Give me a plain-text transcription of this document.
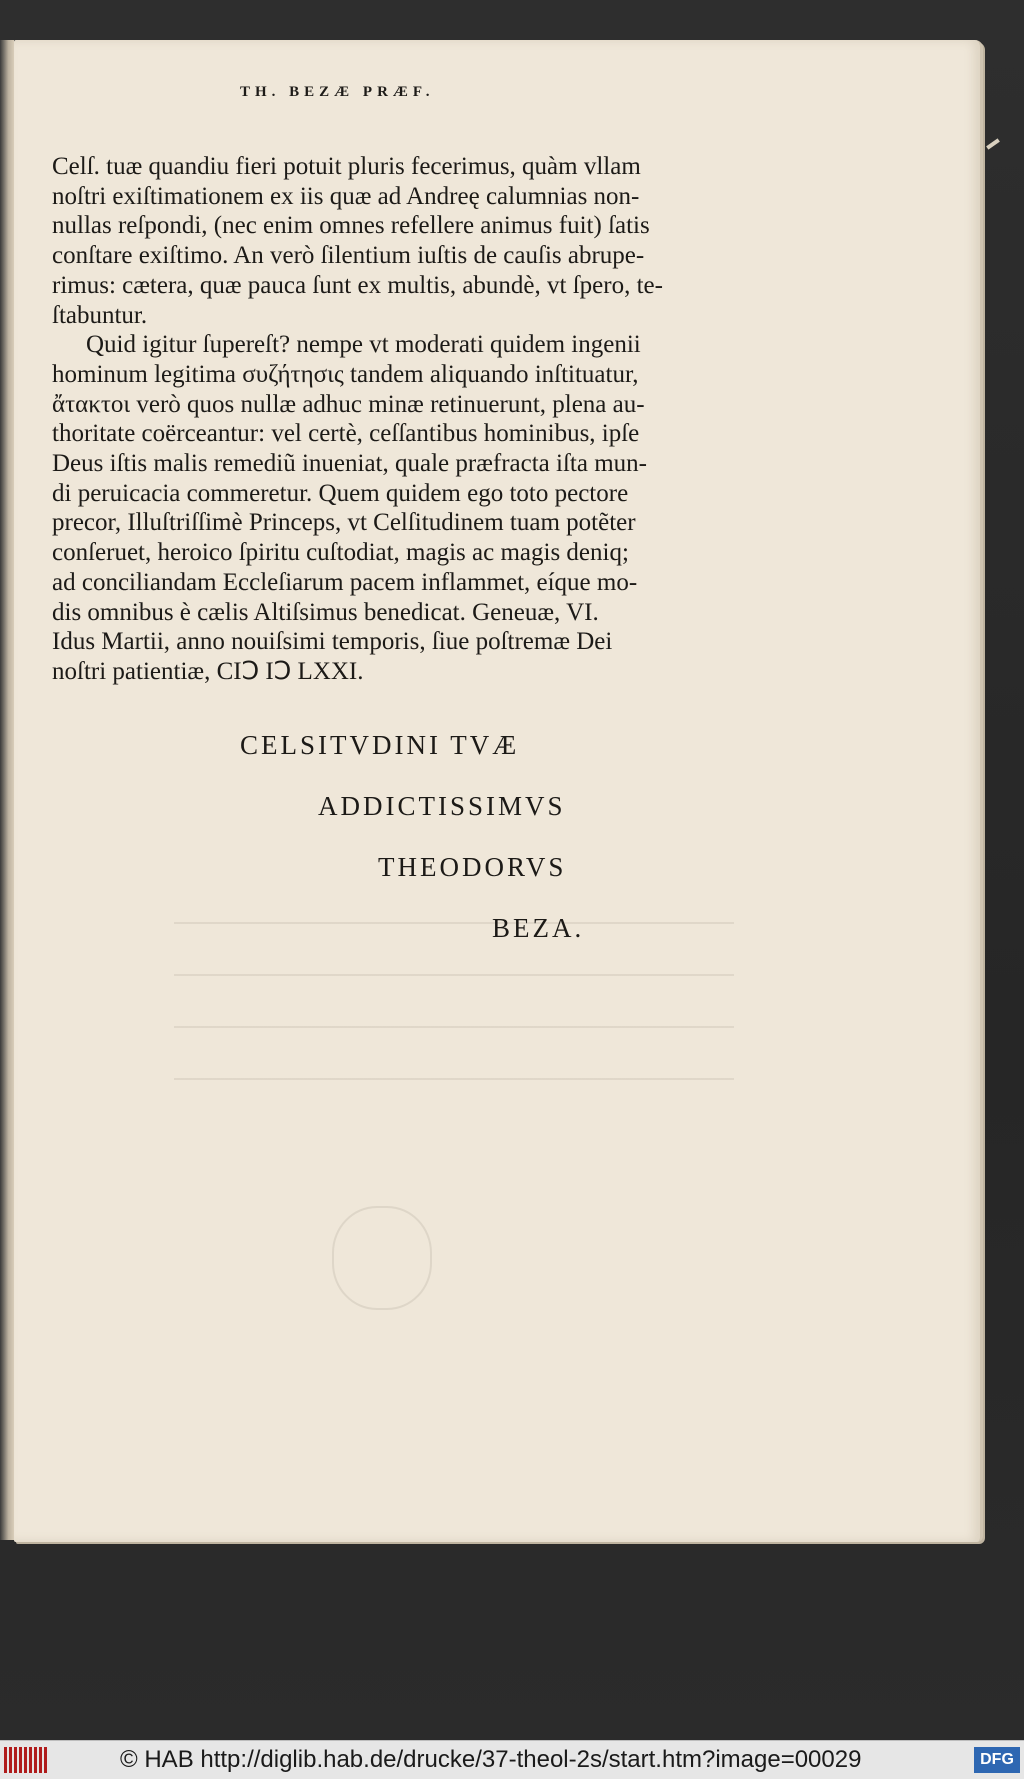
TH. BEZÆ PRÆF.
Celſ. tuæ quandiu fieri potuit pluris fecerimus, quàm vllam
noſtri exiſtimationem ex iis quæ ad Andreę calumnias non-
nullas reſpondi, (nec enim omnes refellere animus fuit) ſatis
conſtare exiſtimo. An verò ſilentium iuſtis de cauſis abrupe-
rimus: cætera, quæ pauca ſunt ex multis, abundè, vt ſpero, te-
ſtabuntur.
Quid igitur ſupereſt? nempe vt moderati quidem ingenii
hominum legitima συζήτησις tandem aliquando inſtituatur,
ἄτακτοι verò quos nullæ adhuc minæ retinuerunt, plena au-
thoritate coërceantur: vel certè, ceſſantibus hominibus, ipſe
Deus iſtis malis remediũ inueniat, quale præfracta iſta mun-
di peruicacia commeretur. Quem quidem ego toto pectore
precor, Illuſtriſſimè Princeps, vt Celſitudinem tuam potẽter
conſeruet, heroico ſpiritu cuſtodiat, magis ac magis deniq;
ad conciliandam Eccleſiarum pacem inflammet, eíque mo-
dis omnibus è cælis Altiſsimus benedicat. Geneuæ, VI.
Idus Martii, anno nouiſsimi temporis, ſiue poſtremæ Dei
noſtri patientiæ, CIↃ IↃ LXXI.
CELSITVDINI TVÆ
ADDICTISSIMVS
THEODORVS
BEZA.
© HAB http://diglib.hab.de/drucke/37-theol-2s/start.htm?image=00029	DFG
